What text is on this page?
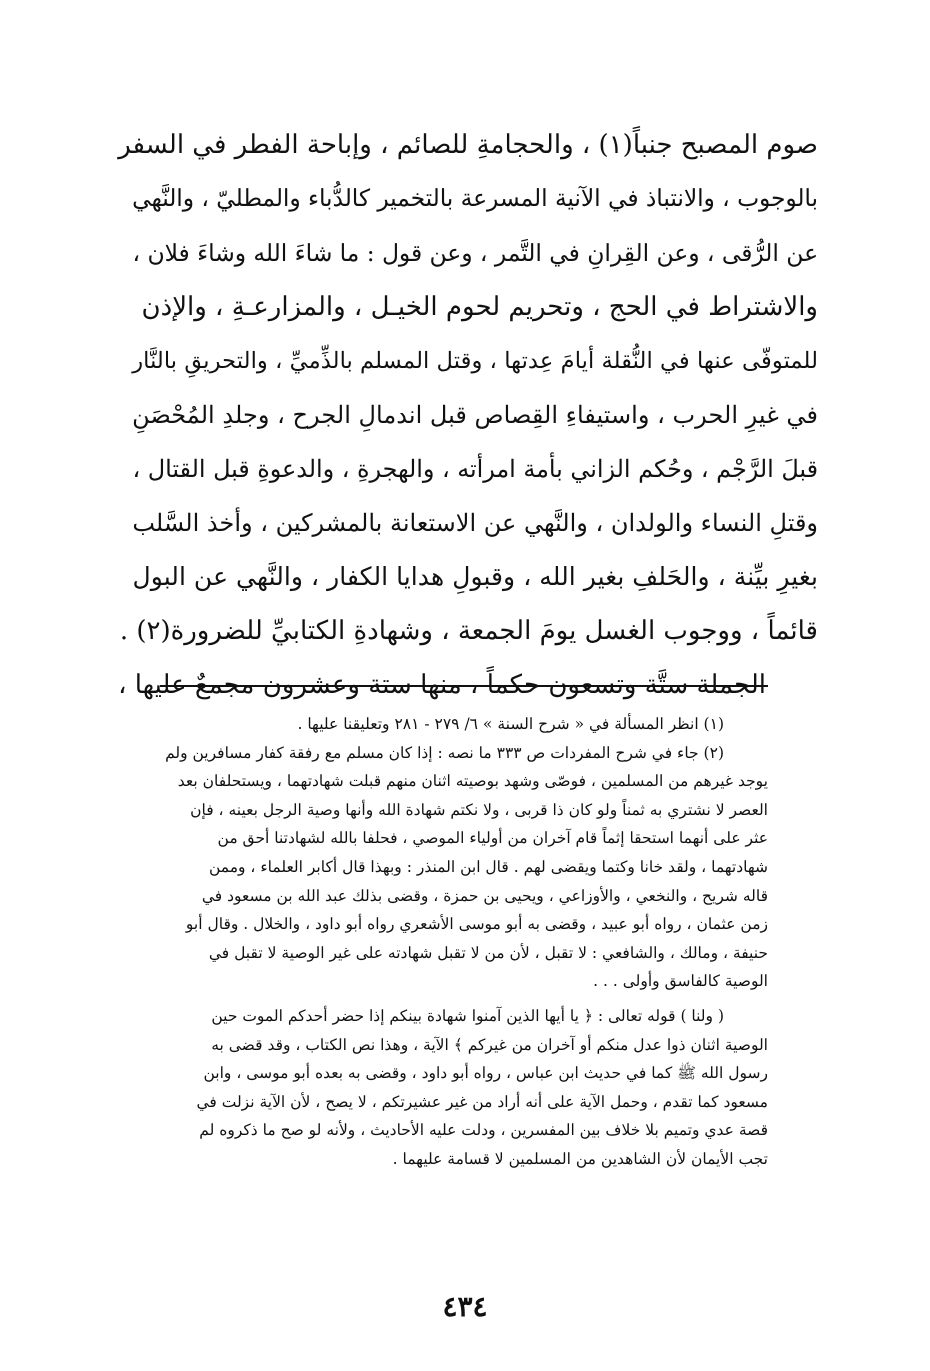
صوم المصبح جنباً(١) ، والحجامةِ للصائم ، وإباحة الفطر في السفر
بالوجوب ، والانتباذ في الآنية المسرعة بالتخمير كالدُّباء والمطليّ ، والنَّهي
عن الرُّقى ، وعن القِرانِ في التَّمر ، وعن قول : ما شاءَ الله وشاءَ فلان ،
والاشتراط في الحج ، وتحريم لحوم الخيـل ، والمزارعـةِ ، والإذن
للمتوفّى عنها في النُّقلة أيامَ عِدتها ، وقتل المسلم بالذِّميِّ ، والتحريقِ بالنَّار
في غيرِ الحرب ، واستيفاءِ القِصاص قبل اندمالِ الجرح ، وجلدِ المُحْصَنِ
قبلَ الرَّجْم ، وحُكم الزاني بأمة امرأته ، والهجرةِ ، والدعوةِ قبل القتال ،
وقتلِ النساء والولدان ، والنَّهي عن الاستعانة بالمشركين ، وأخذ السَّلب
بغيرِ بيِّنة ، والحَلفِ بغير الله ، وقبولِ هدايا الكفار ، والنَّهي عن البول
قائماً ، ووجوب الغسل يومَ الجمعة ، وشهادةِ الكتابيِّ للضرورة(٢) .
الجملة ستَّة وتسعون حكماً ، منها ستة وعشرون مجمعٌ عليها ،
(١) انظر المسألة في « شرح السنة » ٦/ ٢٧٩ - ٢٨١ وتعليقنا عليها .
(٢) جاء في شرح المفردات ص ٣٣٣ ما نصه : إذا كان مسلم مع رفقة كفار مسافرين ولم
يوجد غيرهم من المسلمين ، فوصّى وشهد بوصيته اثنان منهم قبلت شهادتهما ، ويستحلفان بعد
العصر لا نشتري به ثمناً ولو كان ذا قربى ، ولا نكتم شهادة الله وأنها وصية الرجل بعينه ، فإن
عثر على أنهما استحقا إثماً قام آخران من أولياء الموصي ، فحلفا بالله لشهادتنا أحق من
شهادتهما ، ولقد خانا وكتما ويقضى لهم . قال ابن المنذر : وبهذا قال أكابر العلماء ، وممن
قاله شريح ، والنخعي ، والأوزاعي ، ويحيى بن حمزة ، وقضى بذلك عبد الله بن مسعود في
زمن عثمان ، رواه أبو عبيد ، وقضى به أبو موسى الأشعري رواه أبو داود ، والخلال . وقال أبو
حنيفة ، ومالك ، والشافعي : لا تقبل ، لأن من لا تقبل شهادته على غير الوصية لا تقبل في
الوصية كالفاسق وأولى . . .
( ولنا ) قوله تعالى : ﴿ يا أيها الذين آمنوا شهادة بينكم إذا حضر أحدكم الموت حين
الوصية اثنان ذوا عدل منكم أو آخران من غيركم ﴾ الآية ، وهذا نص الكتاب ، وقد قضى به
رسول الله ﷺ كما في حديث ابن عباس ، رواه أبو داود ، وقضى به بعده أبو موسى ، وابن
مسعود كما تقدم ، وحمل الآية على أنه أراد من غير عشيرتكم ، لا يصح ، لأن الآية نزلت في
قصة عدي وتميم بلا خلاف بين المفسرين ، ودلت عليه الأحاديث ، ولأنه لو صح ما ذكروه لم
تجب الأيمان لأن الشاهدين من المسلمين لا قسامة عليهما .
٤٣٤
